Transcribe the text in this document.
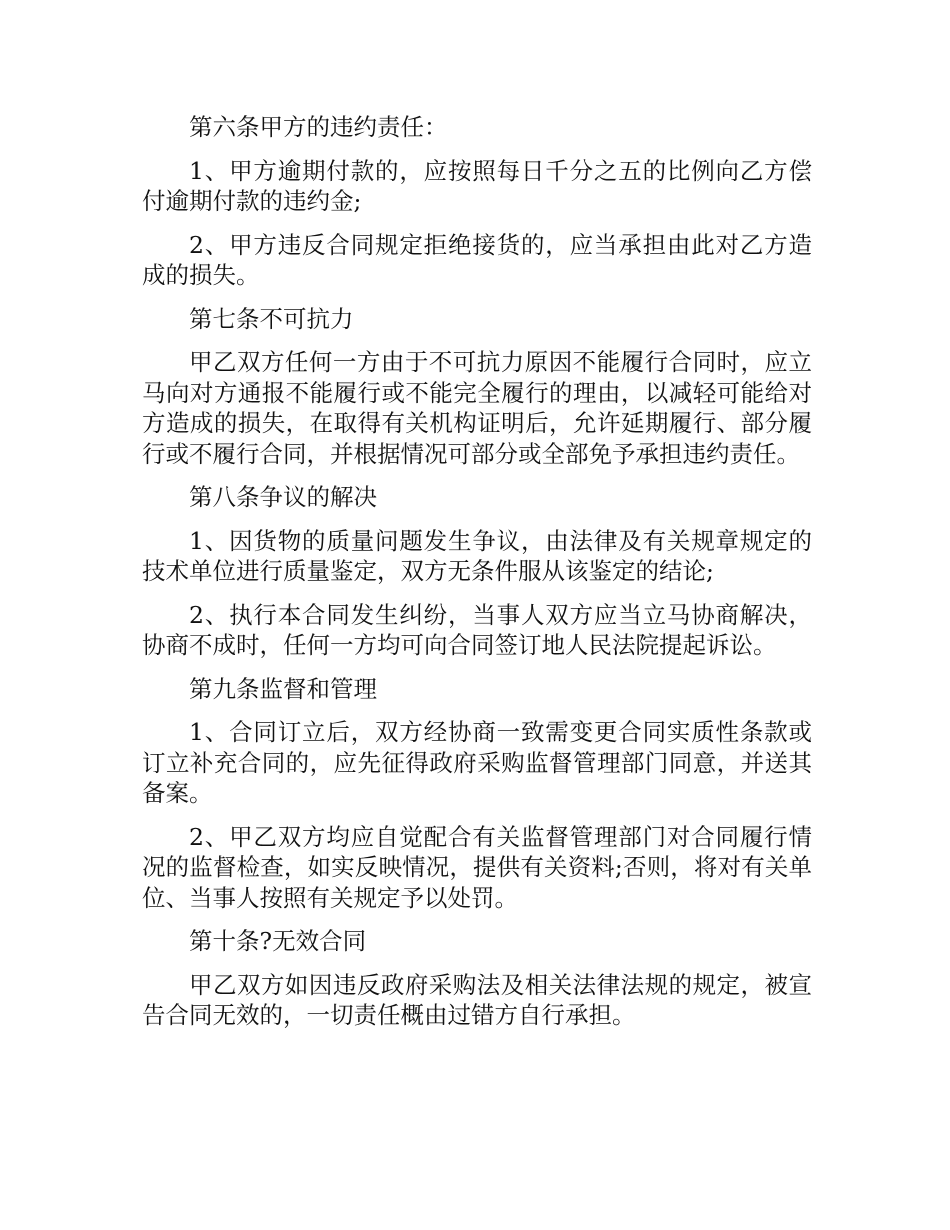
第六条甲方的违约责任：

1、甲方逾期付款的，应按照每日千分之五的比例向乙方偿付逾期付款的违约金;

2、甲方违反合同规定拒绝接货的，应当承担由此对乙方造成的损失。

第七条不可抗力

甲乙双方任何一方由于不可抗力原因不能履行合同时，应立马向对方通报不能履行或不能完全履行的理由，以减轻可能给对方造成的损失，在取得有关机构证明后，允许延期履行、部分履行或不履行合同，并根据情况可部分或全部免予承担违约责任。

第八条争议的解决

1、因货物的质量问题发生争议，由法律及有关规章规定的技术单位进行质量鉴定，双方无条件服从该鉴定的结论;

2、执行本合同发生纠纷，当事人双方应当立马协商解决，协商不成时，任何一方均可向合同签订地人民法院提起诉讼。

第九条监督和管理

1、合同订立后，双方经协商一致需变更合同实质性条款或订立补充合同的，应先征得政府采购监督管理部门同意，并送其备案。

2、甲乙双方均应自觉配合有关监督管理部门对合同履行情况的监督检查，如实反映情况，提供有关资料;否则，将对有关单位、当事人按照有关规定予以处罚。

第十条?无效合同

甲乙双方如因违反政府采购法及相关法律法规的规定，被宣告合同无效的，一切责任概由过错方自行承担。
